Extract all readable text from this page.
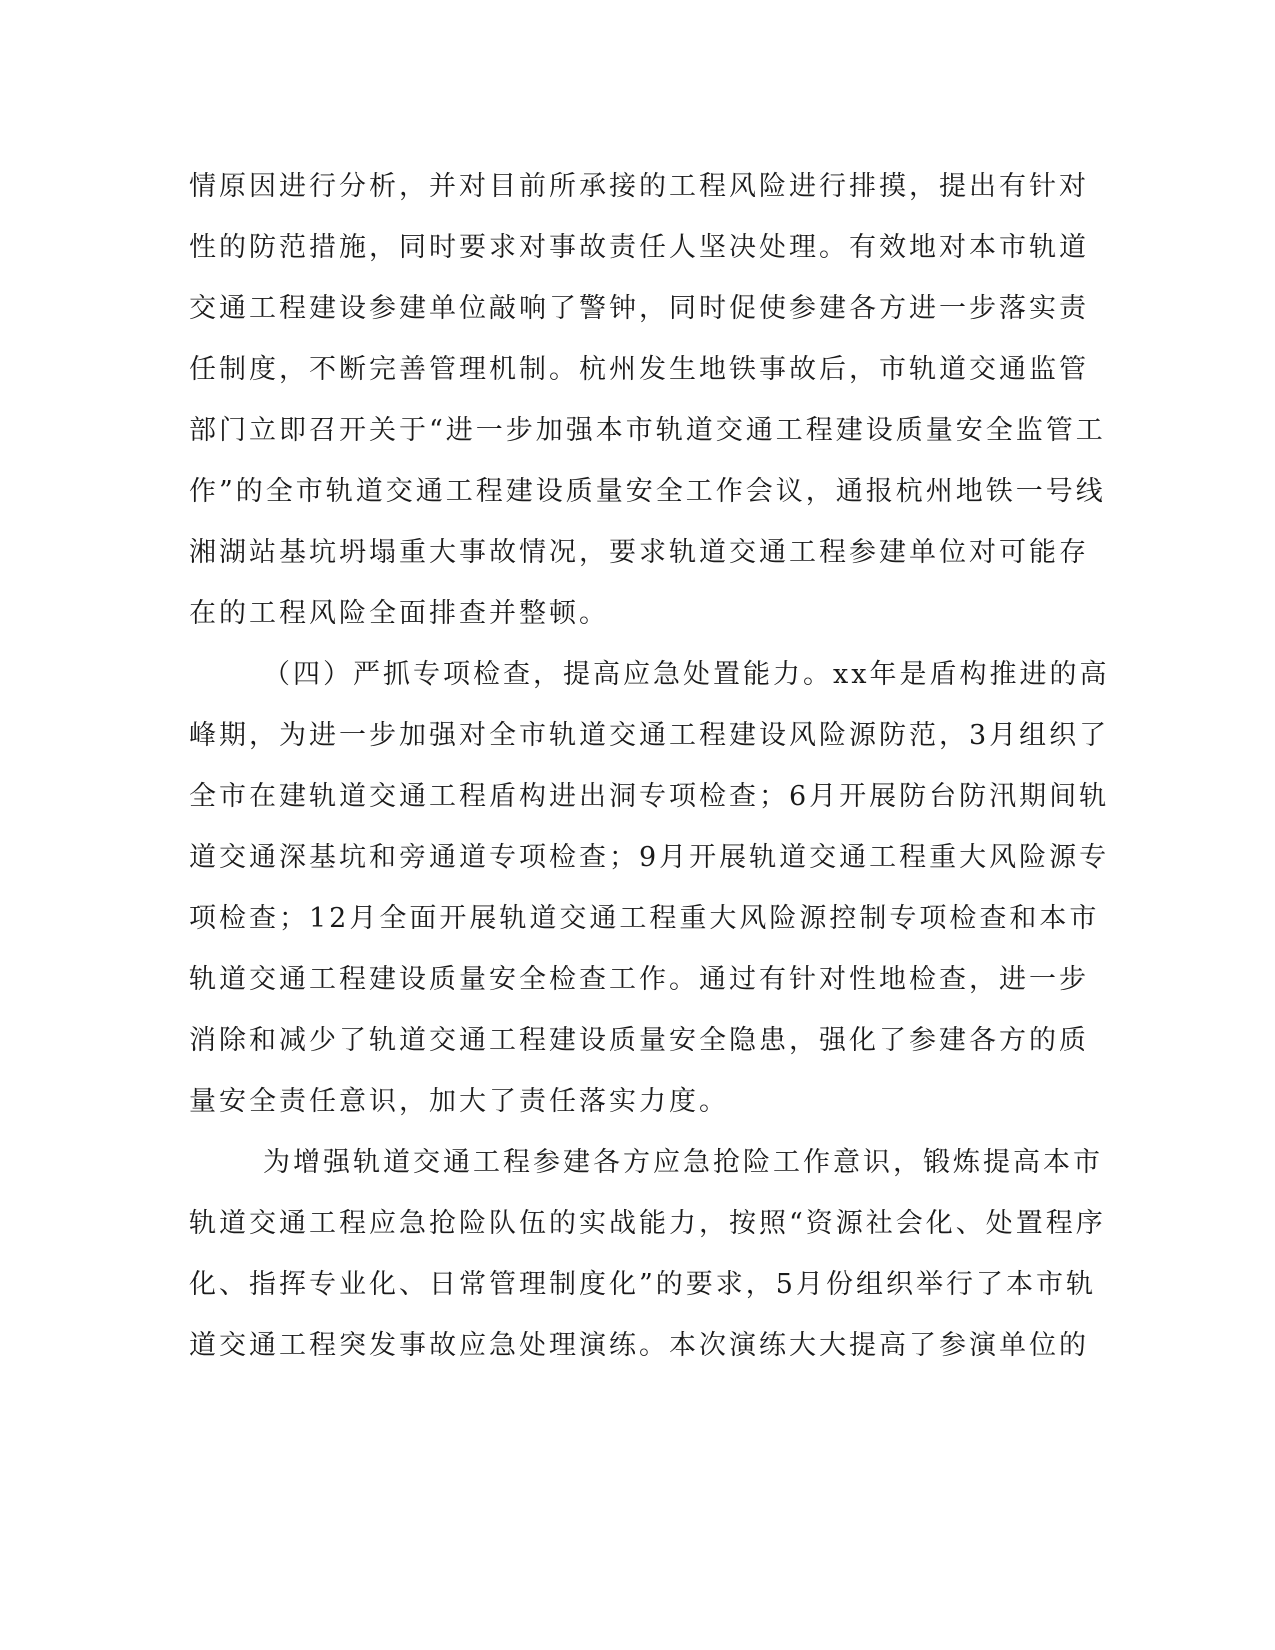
情原因进行分析，并对目前所承接的工程风险进行排摸，提出有针对
性的防范措施，同时要求对事故责任人坚决处理。有效地对本市轨道
交通工程建设参建单位敲响了警钟，同时促使参建各方进一步落实责
任制度，不断完善管理机制。杭州发生地铁事故后，市轨道交通监管
部门立即召开关于“进一步加强本市轨道交通工程建设质量安全监管工
作”的全市轨道交通工程建设质量安全工作会议，通报杭州地铁一号线
湘湖站基坑坍塌重大事故情况，要求轨道交通工程参建单位对可能存
在的工程风险全面排查并整顿。
（四）严抓专项检查，提高应急处置能力。xx年是盾构推进的高
峰期，为进一步加强对全市轨道交通工程建设风险源防范，3月组织了
全市在建轨道交通工程盾构进出洞专项检查；6月开展防台防汛期间轨
道交通深基坑和旁通道专项检查；9月开展轨道交通工程重大风险源专
项检查；12月全面开展轨道交通工程重大风险源控制专项检查和本市
轨道交通工程建设质量安全检查工作。通过有针对性地检查，进一步
消除和减少了轨道交通工程建设质量安全隐患，强化了参建各方的质
量安全责任意识，加大了责任落实力度。
为增强轨道交通工程参建各方应急抢险工作意识，锻炼提高本市
轨道交通工程应急抢险队伍的实战能力，按照“资源社会化、处置程序
化、指挥专业化、日常管理制度化”的要求，5月份组织举行了本市轨
道交通工程突发事故应急处理演练。本次演练大大提高了参演单位的
